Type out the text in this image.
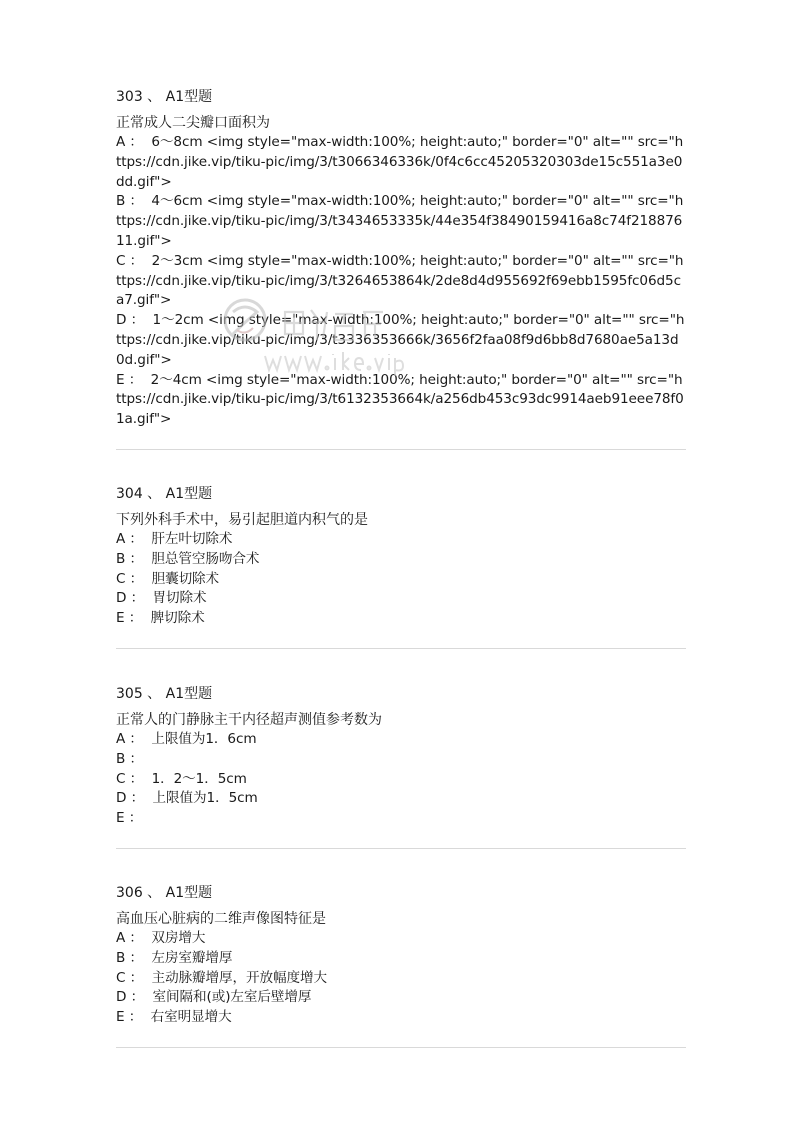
303 、 A1型题
正常成人二尖瓣口面积为
A ：  6～8cm <img style="max-width:100%; height:auto;" border="0" alt="" src="https://cdn.jike.vip/tiku-pic/img/3/t3066346336k/0f4c6cc45205320303de15c551a3e0dd.gif">
B ：  4～6cm <img style="max-width:100%; height:auto;" border="0" alt="" src="https://cdn.jike.vip/tiku-pic/img/3/t3434653335k/44e354f38490159416a8c74f21887611.gif">
C ：  2～3cm <img style="max-width:100%; height:auto;" border="0" alt="" src="https://cdn.jike.vip/tiku-pic/img/3/t3264653864k/2de8d4d955692f69ebb1595fc06d5ca7.gif">
D ：  1～2cm <img style="max-width:100%; height:auto;" border="0" alt="" src="https://cdn.jike.vip/tiku-pic/img/3/t3336353666k/3656f2faa08f9d6bb8d7680ae5a13d0d.gif">
E ：  2～4cm <img style="max-width:100%; height:auto;" border="0" alt="" src="https://cdn.jike.vip/tiku-pic/img/3/t6132353664k/a256db453c93dc9914aeb91eee78f01a.gif">
304 、 A1型题
下列外科手术中，易引起胆道内积气的是
A ：  肝左叶切除术
B ：  胆总管空肠吻合术
C ：  胆囊切除术
D ：  胃切除术
E ：  脾切除术
305 、 A1型题
正常人的门静脉主干内径超声测值参考数为
A ：  上限值为1．6cm
B ：
C ：  1．2～1．5cm
D ：  上限值为1．5cm
E ：
306 、 A1型题
高血压心脏病的二维声像图特征是
A ：  双房增大
B ：  左房室瓣增厚
C ：  主动脉瓣增厚，开放幅度增大
D ：  室间隔和(或)左室后壁增厚
E ：  右室明显增大
